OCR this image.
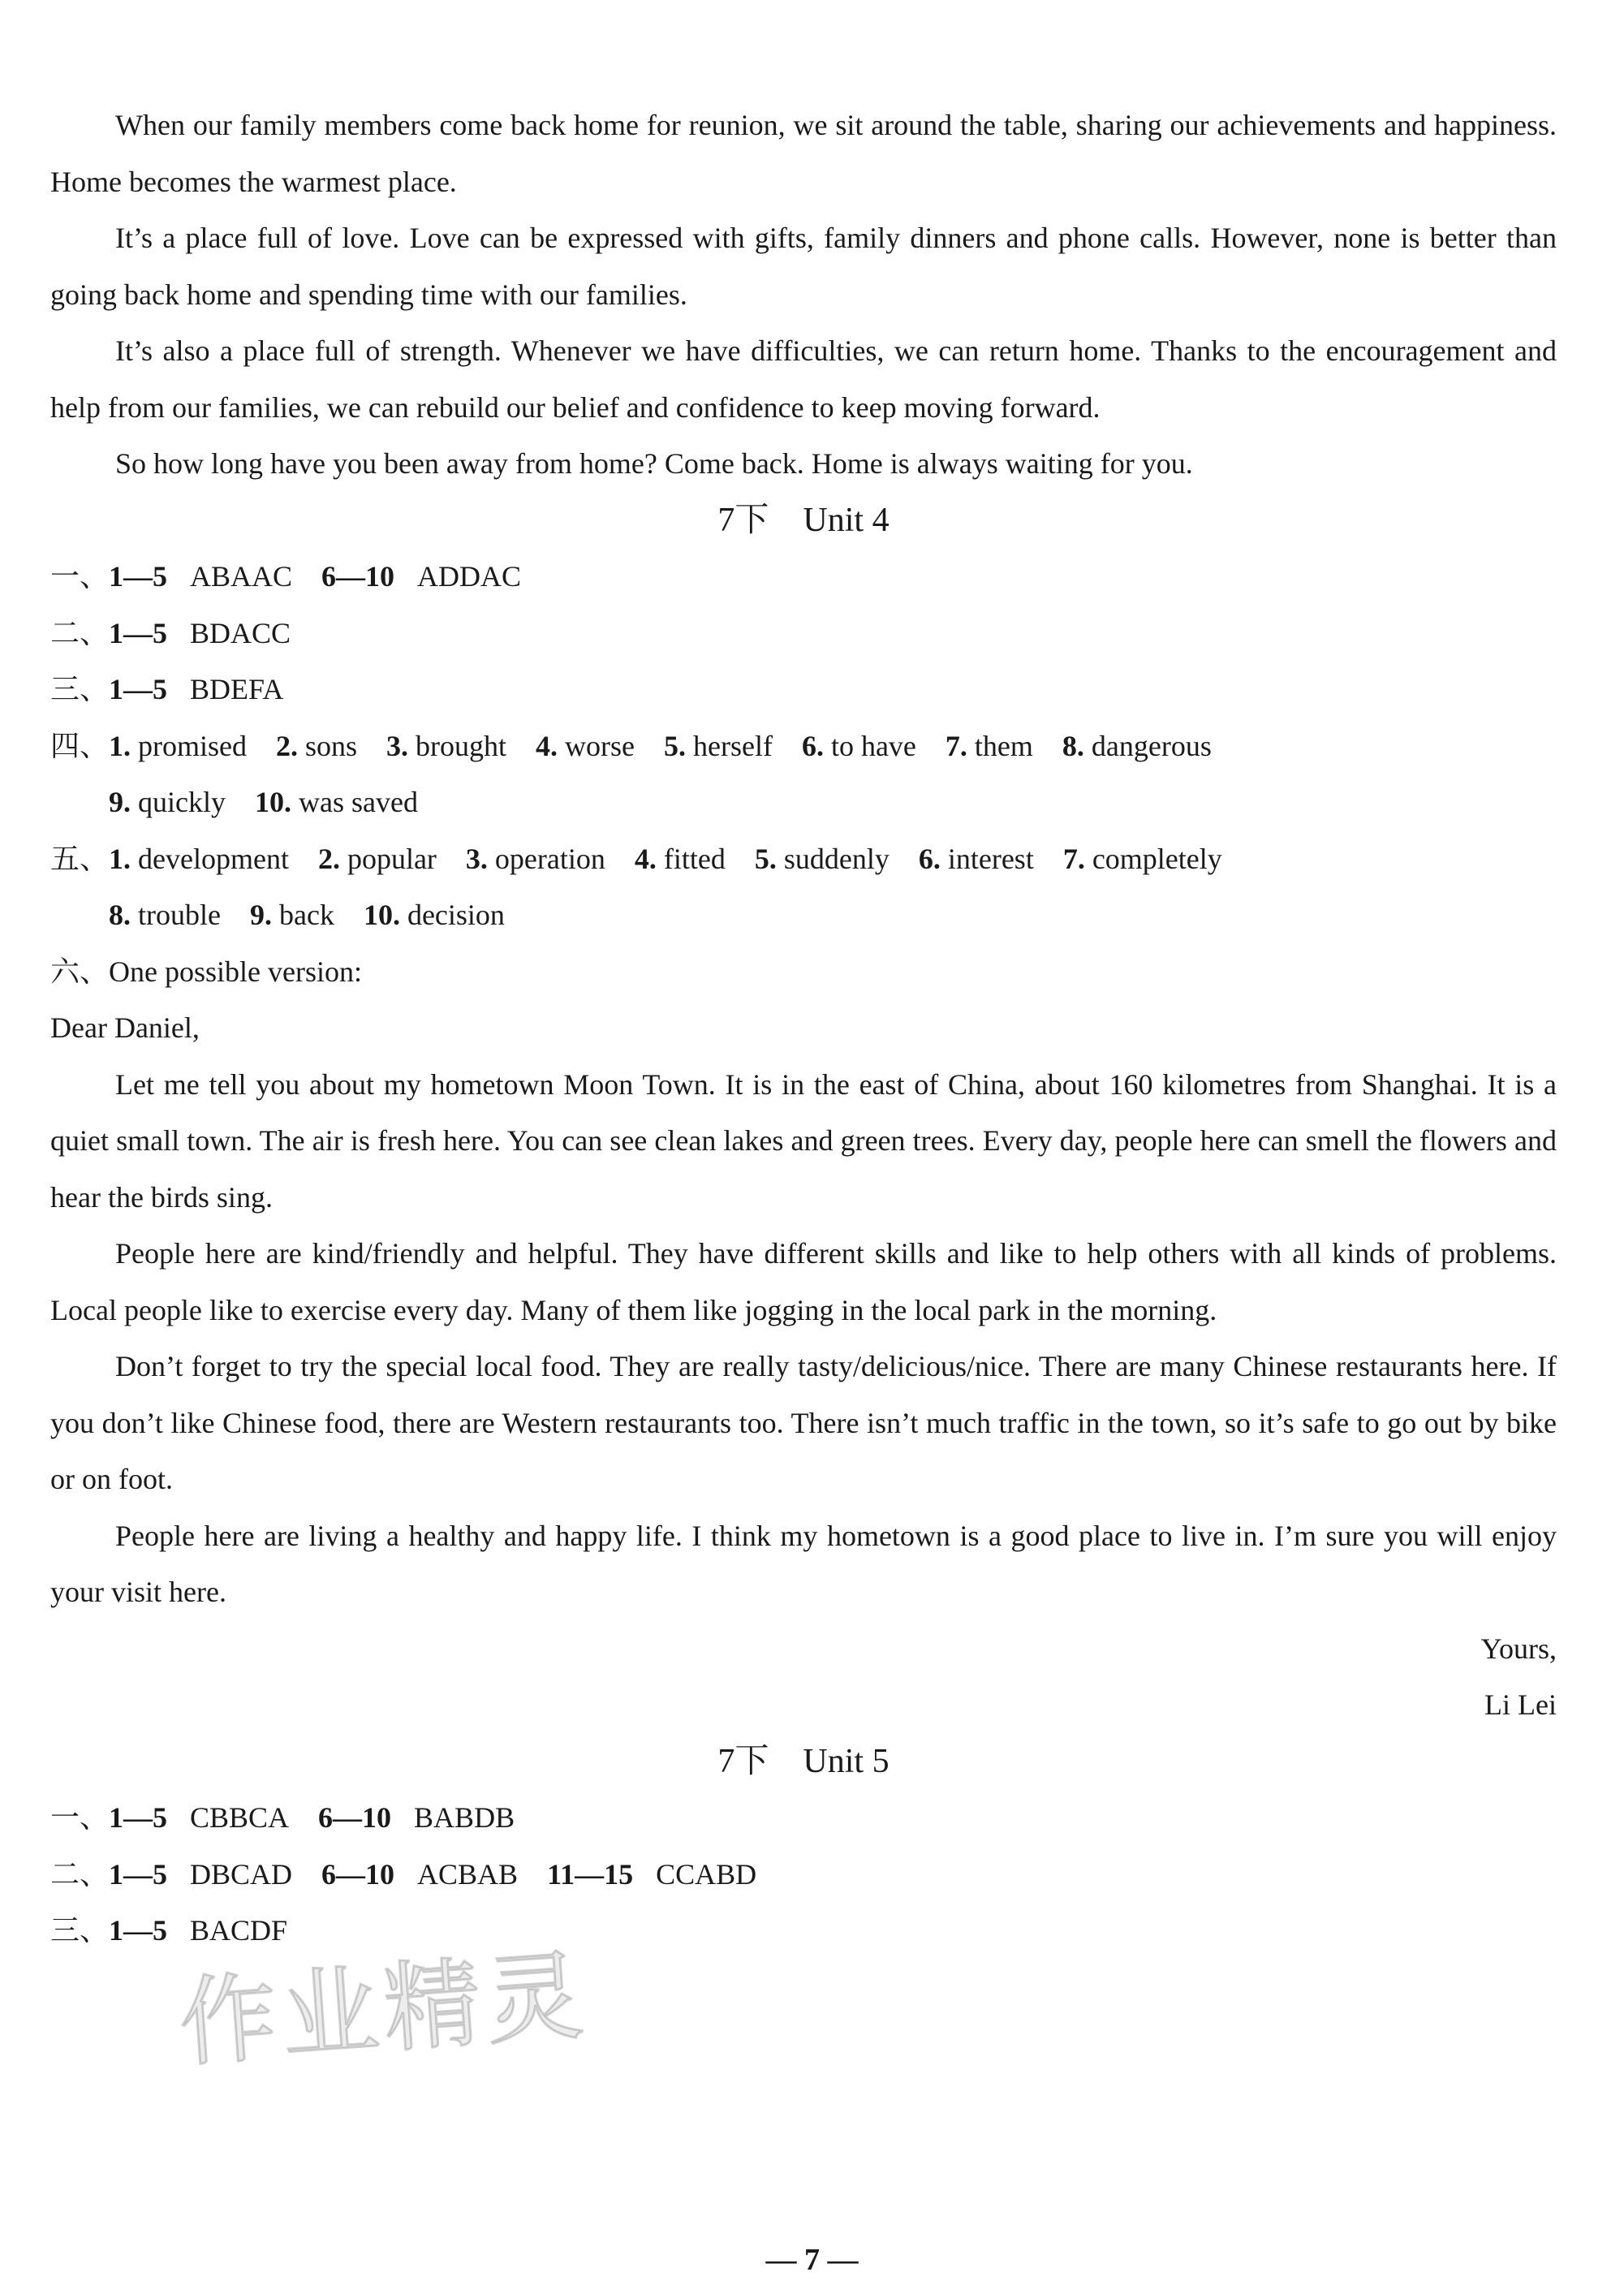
When our family members come back home for reunion, we sit around the table, sharing our achievements and happiness. Home becomes the warmest place.

It’s a place full of love. Love can be expressed with gifts, family dinners and phone calls. However, none is better than going back home and spending time with our families.

It’s also a place full of strength. Whenever we have difficulties, we can return home. Thanks to the encouragement and help from our families, we can rebuild our belief and confidence to keep moving forward.

So how long have you been away from home? Come back. Home is always waiting for you.

7下　Unit 4

一、1—5 ABAAC 6—10 ADDAC

二、1—5 BDACC

三、1—5 BDEFA

四、1. promised 2. sons 3. brought 4. worse 5. herself 6. to have 7. them 8. dangerous

9. quickly 10. was saved

五、1. development 2. popular 3. operation 4. fitted 5. suddenly 6. interest 7. completely

8. trouble 9. back 10. decision

六、One possible version:

Dear Daniel,

Let me tell you about my hometown Moon Town. It is in the east of China, about 160 kilometres from Shanghai. It is a quiet small town. The air is fresh here. You can see clean lakes and green trees. Every day, people here can smell the flowers and hear the birds sing.

People here are kind/friendly and helpful. They have different skills and like to help others with all kinds of problems. Local people like to exercise every day. Many of them like jogging in the local park in the morning.

Don’t forget to try the special local food. They are really tasty/delicious/nice. There are many Chinese restaurants here. If you don’t like Chinese food, there are Western restaurants too. There isn’t much traffic in the town, so it’s safe to go out by bike or on foot.

People here are living a healthy and happy life. I think my hometown is a good place to live in. I’m sure you will enjoy your visit here.

Yours,

Li Lei

7下　Unit 5

一、1—5 CBBCA 6—10 BABDB

二、1—5 DBCAD 6—10 ACBAB 11—15 CCABD

三、1—5 BACDF

作业精灵
— 7 —
